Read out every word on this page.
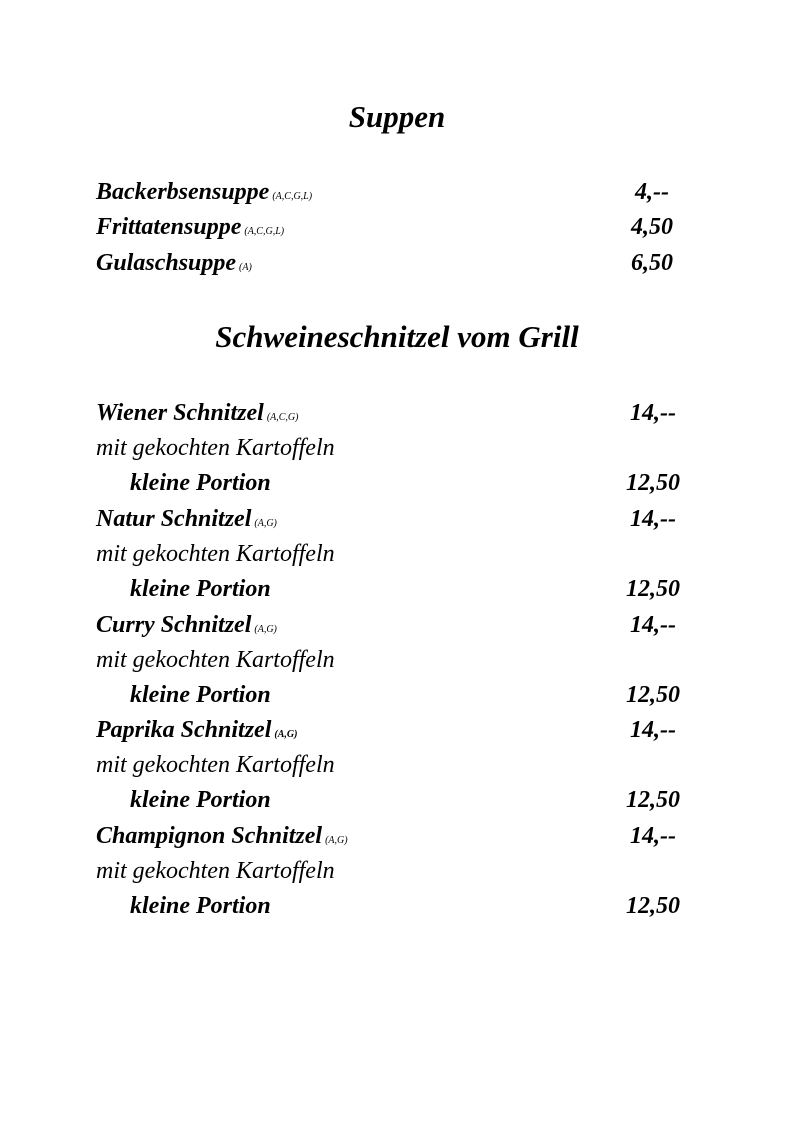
Suppen
Backerbsensuppe (A,C,G,L)	4,--
Frittatensuppe (A,C,G,L)	4,50
Gulaschsuppe (A)	6,50
Schweineschnitzel vom Grill
Wiener Schnitzel (A,C,G)	14,--
mit gekochten Kartoffeln
kleine Portion	12,50
Natur Schnitzel (A,G)	14,--
mit gekochten Kartoffeln
kleine Portion	12,50
Curry Schnitzel (A,G)	14,--
mit gekochten Kartoffeln
kleine Portion	12,50
Paprika Schnitzel (A,G)	14,--
mit gekochten Kartoffeln
kleine Portion	12,50
Champignon Schnitzel (A,G)	14,--
mit gekochten Kartoffeln
kleine Portion	12,50
